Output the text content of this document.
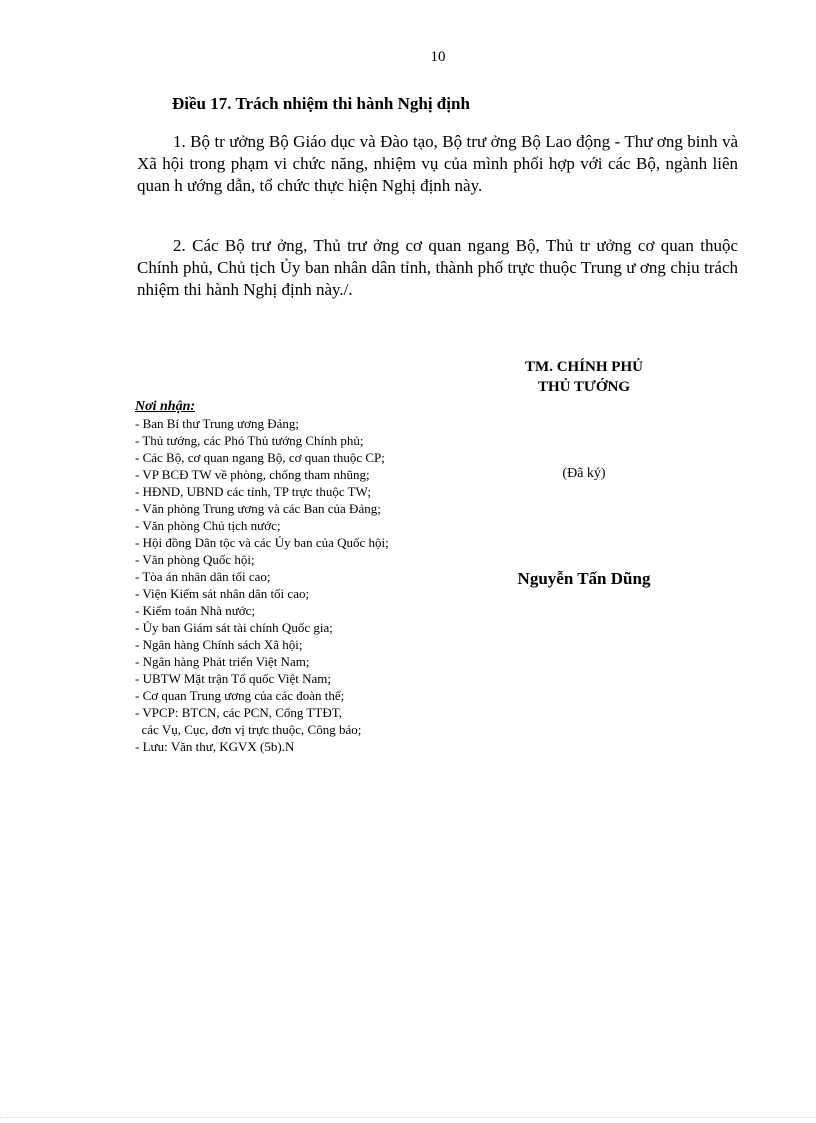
10
Điều 17. Trách nhiệm thi hành Nghị định

1. Bộ tr ưởng Bộ Giáo dục và Đào tạo, Bộ trư ởng Bộ Lao động - Thư ơng binh và Xã hội trong phạm vi chức năng, nhiệm vụ của mình phối hợp với các Bộ, ngành liên quan h ướng dẫn, tổ chức thực hiện Nghị định này.

2. Các Bộ trư ởng, Thủ trư ởng cơ quan ngang Bộ, Thủ tr ưởng cơ quan thuộc Chính phủ, Chủ tịch Ủy ban nhân dân tỉnh, thành phố trực thuộc Trung ư ơng chịu trách nhiệm thi hành Nghị định này./.

TM. CHÍNH PHỦ
THỦ TƯỚNG
(Đã ký)
Nguyễn Tấn Dũng
Nơi nhận:
- Ban Bí thư Trung ương Đảng;
- Thủ tướng, các Phó Thủ tướng Chính phủ;
- Các Bộ, cơ quan ngang Bộ, cơ quan thuộc CP;
- VP BCĐ TW về phòng, chống tham nhũng;
- HĐND, UBND các tỉnh, TP trực thuộc TW;
- Văn phòng Trung ương và các Ban của Đảng;
- Văn phòng Chủ tịch nước;
- Hội đồng Dân tộc và các Ủy ban của Quốc hội;
- Văn phòng Quốc hội;
- Tòa án nhân dân tối cao;
- Viện Kiểm sát nhân dân tối cao;
- Kiểm toán Nhà nước;
- Ủy ban Giám sát tài chính Quốc gia;
- Ngân hàng Chính sách Xã hội;
- Ngân hàng Phát triển Việt Nam;
- UBTW Mặt trận Tổ quốc Việt Nam;
- Cơ quan Trung ương của các đoàn thể;
- VPCP: BTCN, các PCN, Cổng TTĐT,
các Vụ, Cục, đơn vị trực thuộc, Công báo;
- Lưu: Văn thư, KGVX (5b).N
